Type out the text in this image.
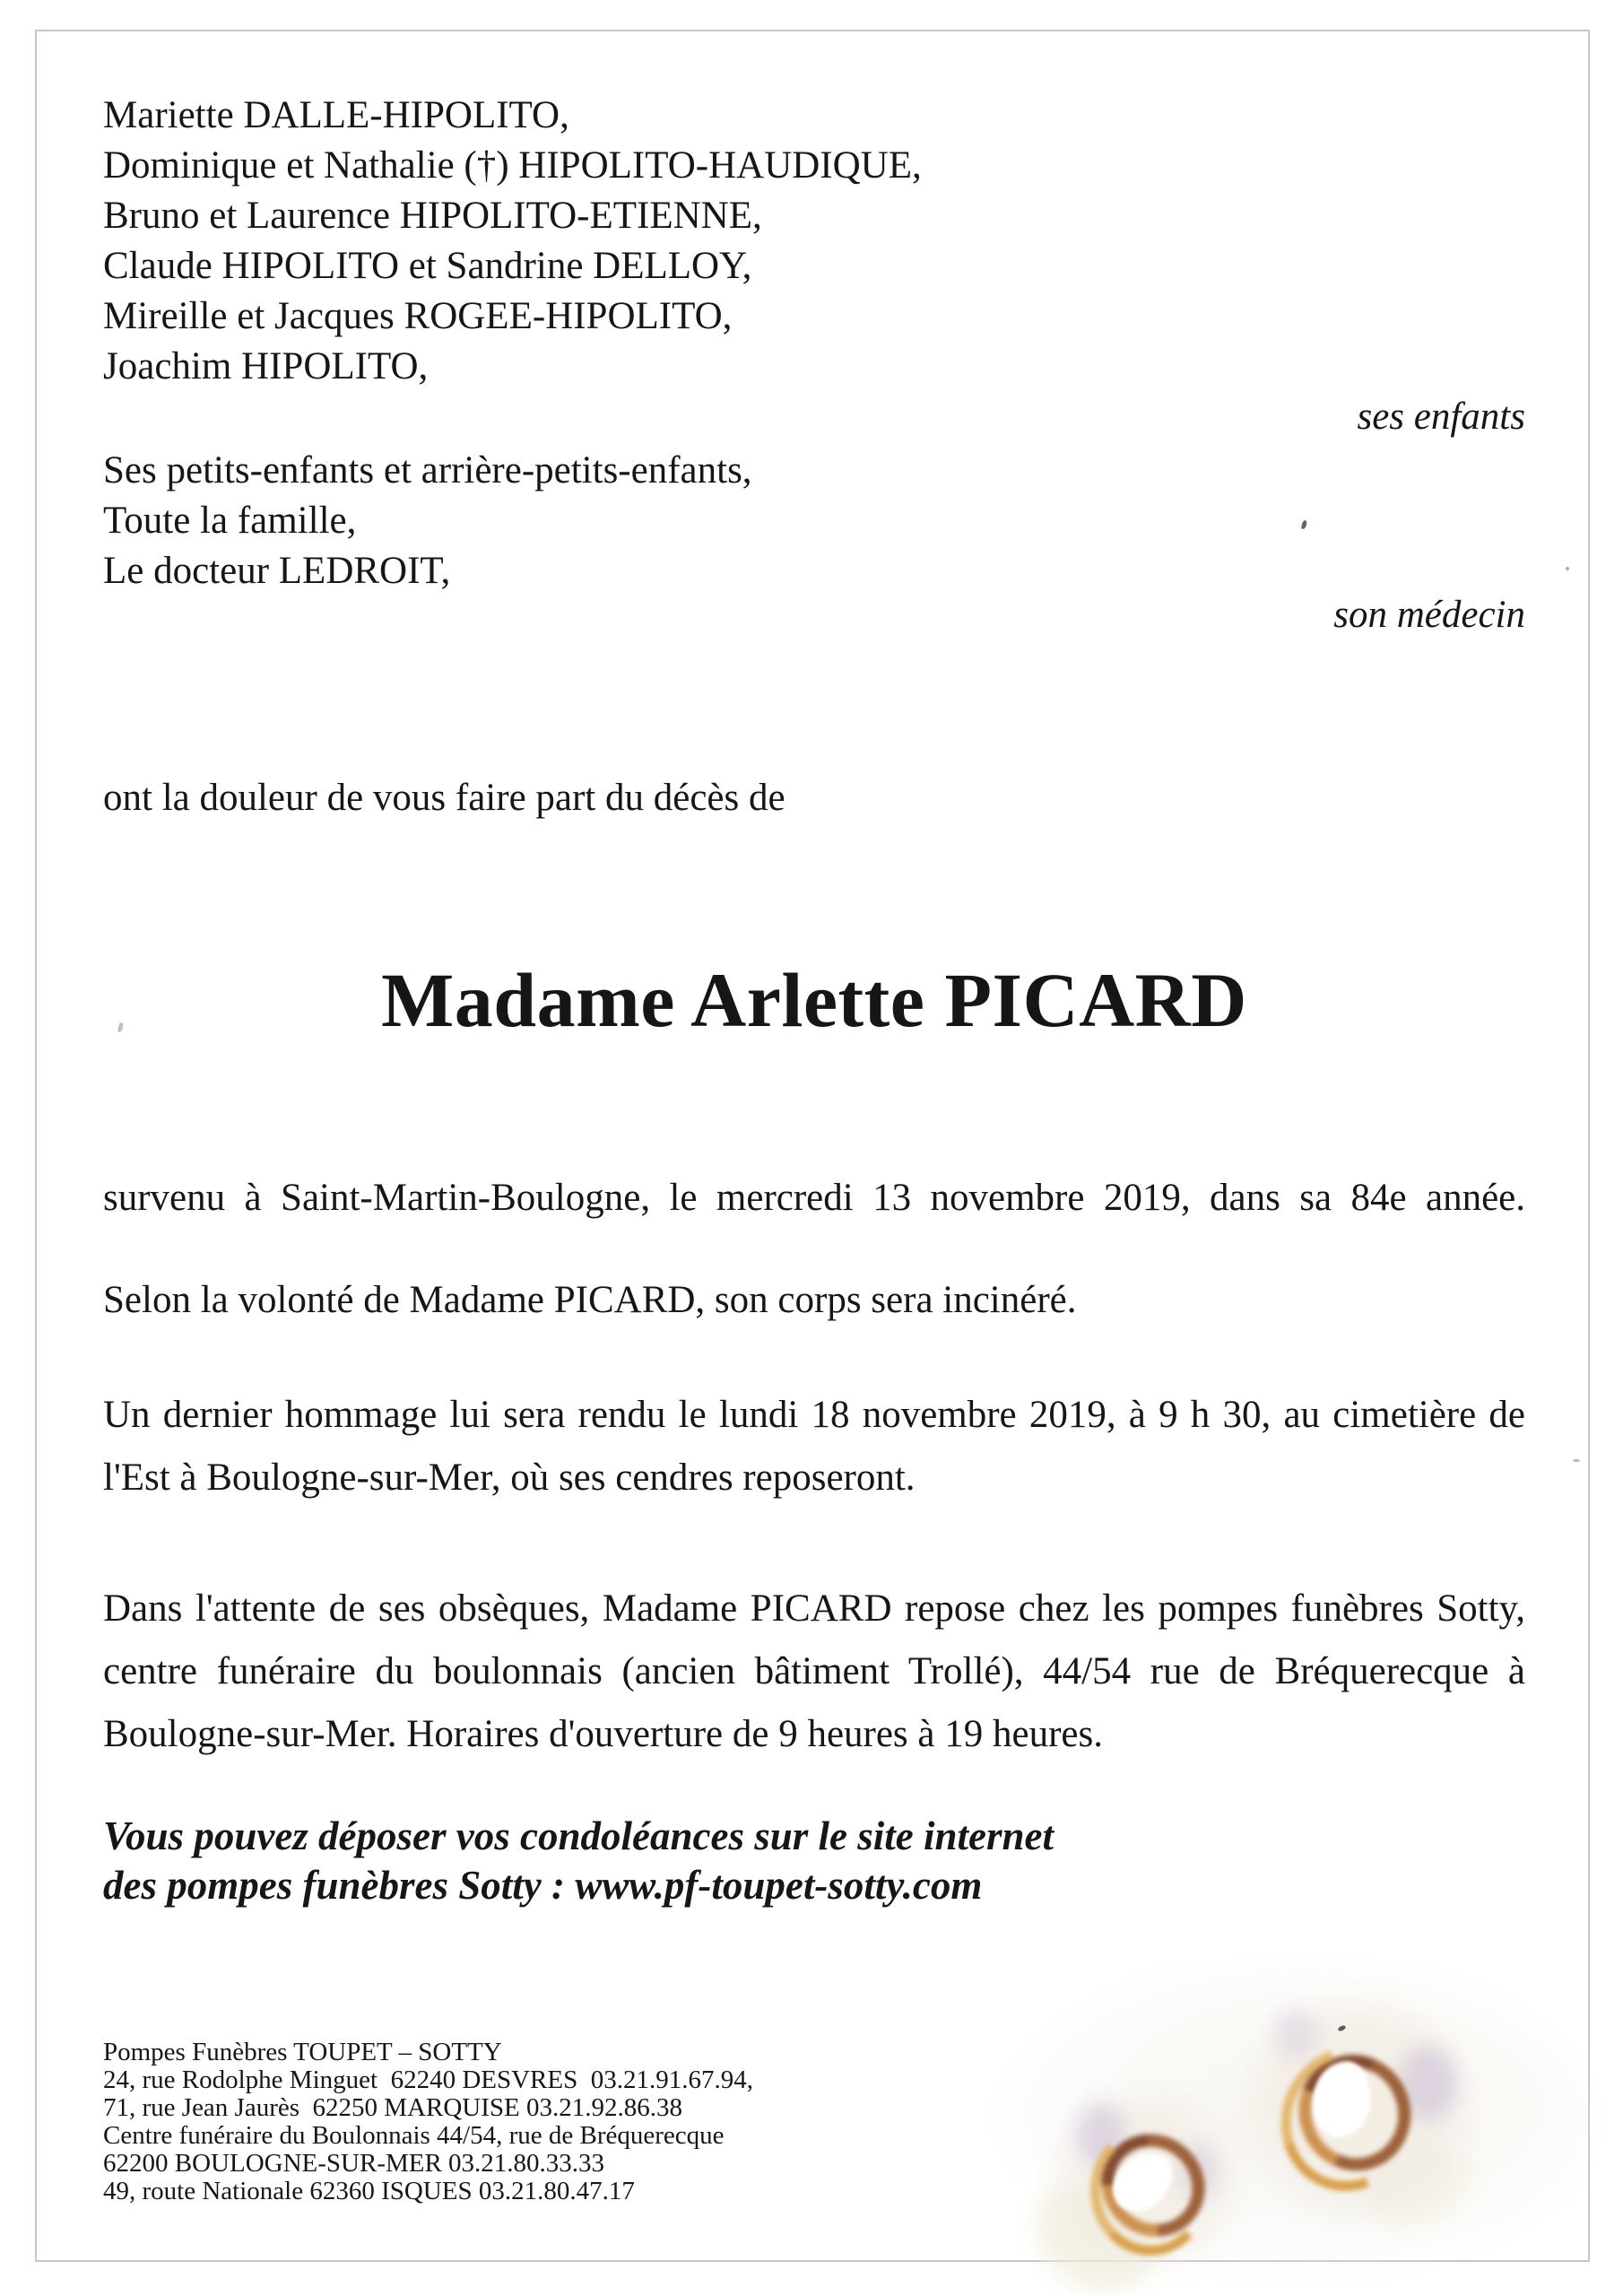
Mariette DALLE-HIPOLITO,
Dominique et Nathalie (†) HIPOLITO-HAUDIQUE,
Bruno et Laurence HIPOLITO-ETIENNE,
Claude HIPOLITO et Sandrine DELLOY,
Mireille et Jacques ROGEE-HIPOLITO,
Joachim HIPOLITO,
ses enfants
Ses petits-enfants et arrière-petits-enfants,
Toute la famille,
Le docteur LEDROIT,
son médecin
ont la douleur de vous faire part du décès de
Madame Arlette PICARD
survenu à Saint-Martin-Boulogne, le mercredi 13 novembre 2019, dans sa 84e année.
Selon la volonté de Madame PICARD, son corps sera incinéré.
Un dernier hommage lui sera rendu le lundi 18 novembre 2019, à 9 h 30, au cimetière de
l'Est à Boulogne-sur-Mer, où ses cendres reposeront.
Dans l'attente de ses obsèques, Madame PICARD repose chez les pompes funèbres Sotty,
centre funéraire du boulonnais (ancien bâtiment Trollé), 44/54 rue de Bréquerecque à
Boulogne-sur-Mer. Horaires d'ouverture de 9 heures à 19 heures.
Vous pouvez déposer vos condoléances sur le site internet
des pompes funèbres Sotty : www.pf-toupet-sotty.com
Pompes Funèbres TOUPET – SOTTY
24, rue Rodolphe Minguet  62240 DESVRES  03.21.91.67.94,
71, rue Jean Jaurès  62250 MARQUISE 03.21.92.86.38
Centre funéraire du Boulonnais 44/54, rue de Bréquerecque
62200 BOULOGNE-SUR-MER 03.21.80.33.33
49, route Nationale 62360 ISQUES 03.21.80.47.17
